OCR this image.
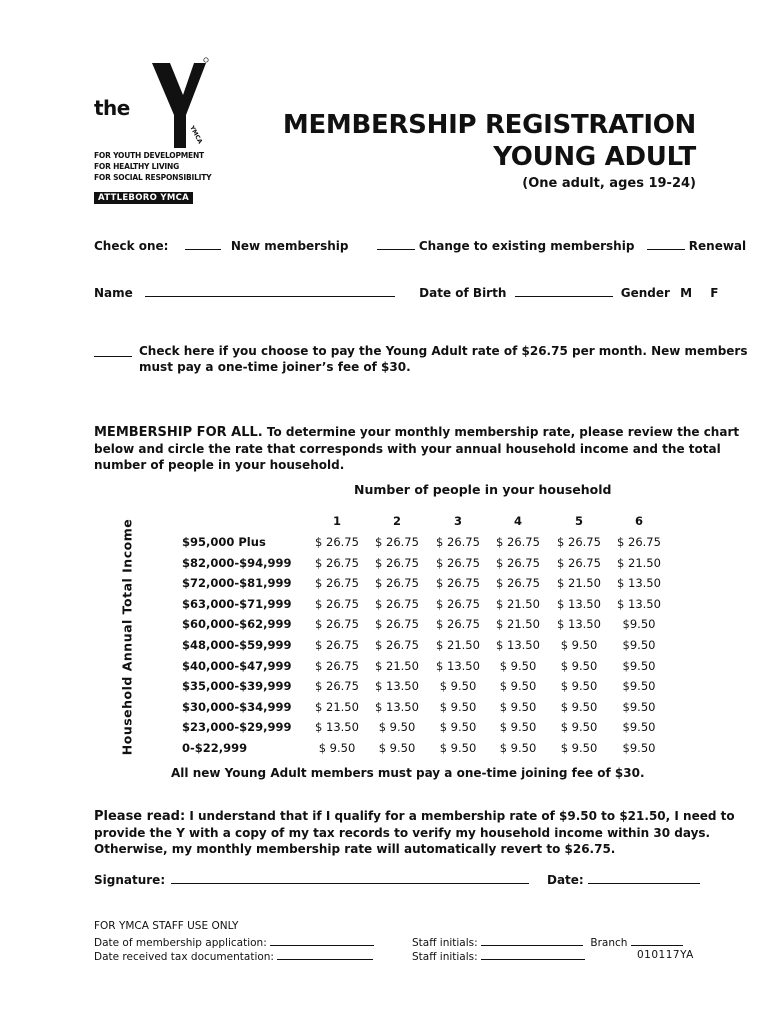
YMCA
the
FOR YOUTH DEVELOPMENT
FOR HEALTHY LIVING
FOR SOCIAL RESPONSIBILITY
ATTLEBORO YMCA
MEMBERSHIP REGISTRATION
YOUNG ADULT
(One adult, ages 19-24)
Check one:	New membership	Change to existing membership	Renewal
Name	Date of Birth	Gender M F
Check here if you choose to pay the Young Adult rate of $26.75 per month. New members
must pay a one-time joiner’s fee of $30.
MEMBERSHIP FOR ALL. To determine your monthly membership rate, please review the chart
below and circle the rate that corresponds with your annual household income and the total
number of people in your household.
Number of people in your household
Household Annual Total Income	1	2	3	4	5	6
$95,000 Plus	$ 26.75	$ 26.75	$ 26.75	$ 26.75	$ 26.75	$ 26.75
$82,000-$94,999	$ 26.75	$ 26.75	$ 26.75	$ 26.75	$ 26.75	$ 21.50
$72,000-$81,999	$ 26.75	$ 26.75	$ 26.75	$ 26.75	$ 21.50	$ 13.50
$63,000-$71,999	$ 26.75	$ 26.75	$ 26.75	$ 21.50	$ 13.50	$ 13.50
$60,000-$62,999	$ 26.75	$ 26.75	$ 26.75	$ 21.50	$ 13.50	$9.50
$48,000-$59,999	$ 26.75	$ 26.75	$ 21.50	$ 13.50	$ 9.50	$9.50
$40,000-$47,999	$ 26.75	$ 21.50	$ 13.50	$ 9.50	$ 9.50	$9.50
$35,000-$39,999	$ 26.75	$ 13.50	$ 9.50	$ 9.50	$ 9.50	$9.50
$30,000-$34,999	$ 21.50	$ 13.50	$ 9.50	$ 9.50	$ 9.50	$9.50
$23,000-$29,999	$ 13.50	$ 9.50	$ 9.50	$ 9.50	$ 9.50	$9.50
0-$22,999	$ 9.50	$ 9.50	$ 9.50	$ 9.50	$ 9.50	$9.50
All new Young Adult members must pay a one-time joining fee of $30.
Please read: I understand that if I qualify for a membership rate of $9.50 to $21.50, I need to
provide the Y with a copy of my tax records to verify my household income within 30 days.
Otherwise, my monthly membership rate will automatically revert to $26.75.
Signature:	Date:
FOR YMCA STAFF USE ONLY
Date of membership application:
Date received tax documentation:
Staff initials:	Branch
Staff initials:	010117YA
